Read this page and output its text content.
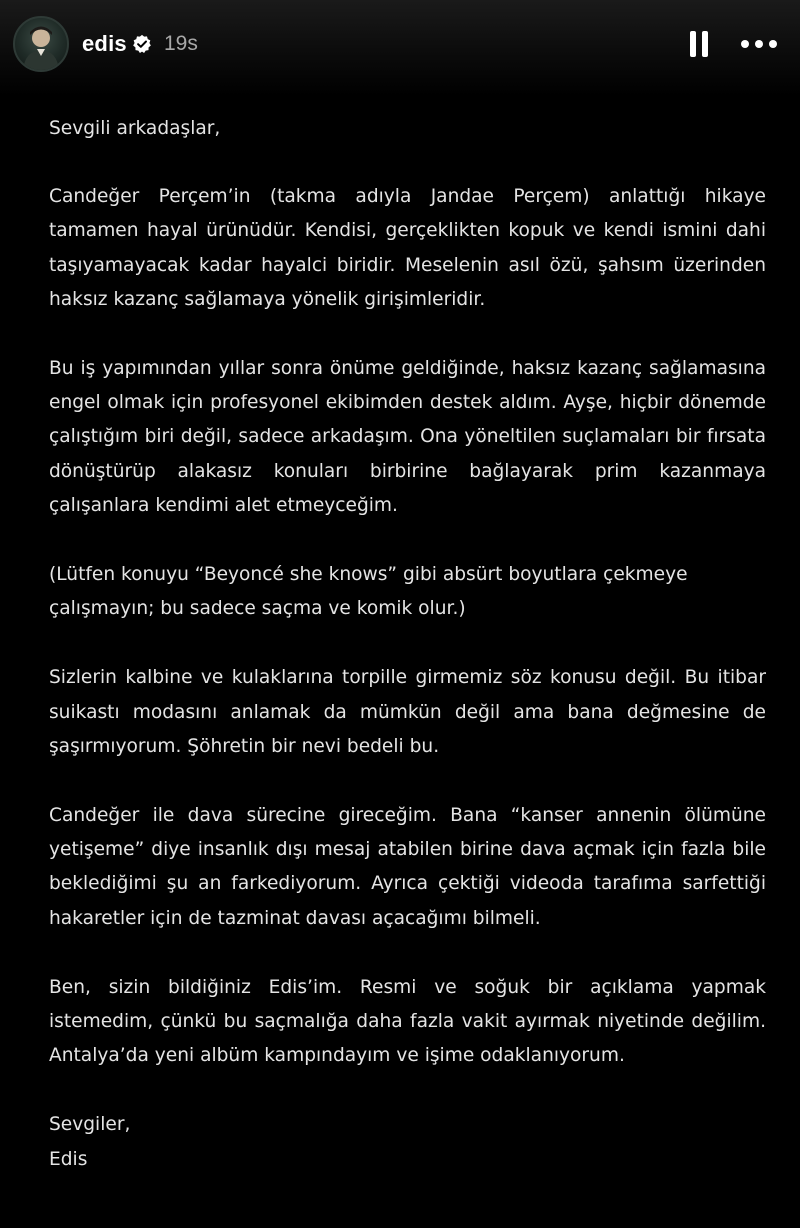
edis 19s

Sevgili arkadaşlar,

Candeğer Perçem’in (takma adıyla Jandae Perçem) anlattığı hikaye tamamen hayal ürünüdür. Kendisi, gerçeklikten kopuk ve kendi ismini dahi taşıyamayacak kadar hayalci biridir. Meselenin asıl özü, şahsım üzerinden haksız kazanç sağlamaya yönelik girişimleridir.

Bu iş yapımından yıllar sonra önüme geldiğinde, haksız kazanç sağlamasına engel olmak için profesyonel ekibimden destek aldım. Ayşe, hiçbir dönemde çalıştığım biri değil, sadece arkadaşım. Ona yöneltilen suçlamaları bir fırsata dönüştürüp alakasız konuları birbirine bağlayarak prim kazanmaya çalışanlara kendimi alet etmeyceğim.

(Lütfen konuyu “Beyoncé she knows” gibi absürt boyutlara çekmeye çalışmayın; bu sadece saçma ve komik olur.)

Sizlerin kalbine ve kulaklarına torpille girmemiz söz konusu değil. Bu itibar suikastı modasını anlamak da mümkün değil ama bana değmesine de şaşırmıyorum. Şöhretin bir nevi bedeli bu.

Candeğer ile dava sürecine gireceğim. Bana “kanser annenin ölümüne yetişeme” diye insanlık dışı mesaj atabilen birine dava açmak için fazla bile beklediğimi şu an farkediyorum. Ayrıca çektiği videoda tarafıma sarfettiği hakaretler için de tazminat davası açacağımı bilmeli.

Ben, sizin bildiğiniz Edis’im. Resmi ve soğuk bir açıklama yapmak istemedim, çünkü bu saçmalığa daha fazla vakit ayırmak niyetinde değilim. Antalya’da yeni albüm kampındayım ve işime odaklanıyorum.

Sevgiler,

Edis
